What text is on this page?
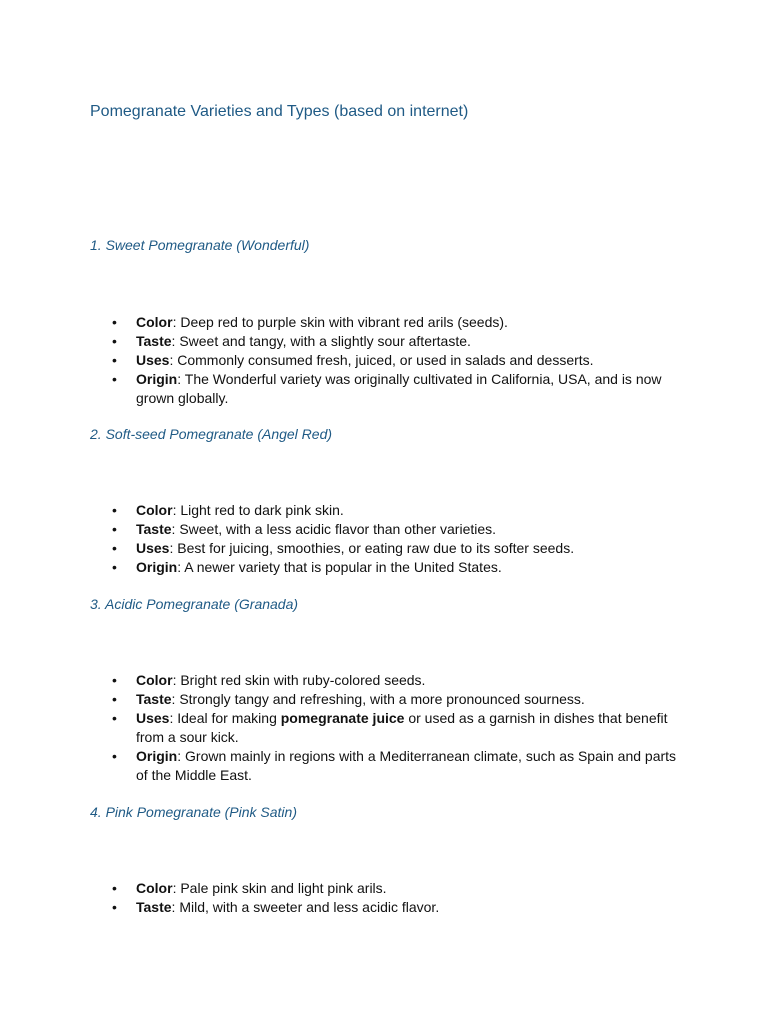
Pomegranate Varieties and Types (based on internet)
1. Sweet Pomegranate (Wonderful)
• Color: Deep red to purple skin with vibrant red arils (seeds).
• Taste: Sweet and tangy, with a slightly sour aftertaste.
• Uses: Commonly consumed fresh, juiced, or used in salads and desserts.
• Origin: The Wonderful variety was originally cultivated in California, USA, and is now grown globally.
2. Soft-seed Pomegranate (Angel Red)
• Color: Light red to dark pink skin.
• Taste: Sweet, with a less acidic flavor than other varieties.
• Uses: Best for juicing, smoothies, or eating raw due to its softer seeds.
• Origin: A newer variety that is popular in the United States.
3. Acidic Pomegranate (Granada)
• Color: Bright red skin with ruby-colored seeds.
• Taste: Strongly tangy and refreshing, with a more pronounced sourness.
• Uses: Ideal for making pomegranate juice or used as a garnish in dishes that benefit from a sour kick.
• Origin: Grown mainly in regions with a Mediterranean climate, such as Spain and parts of the Middle East.
4. Pink Pomegranate (Pink Satin)
• Color: Pale pink skin and light pink arils.
• Taste: Mild, with a sweeter and less acidic flavor.
